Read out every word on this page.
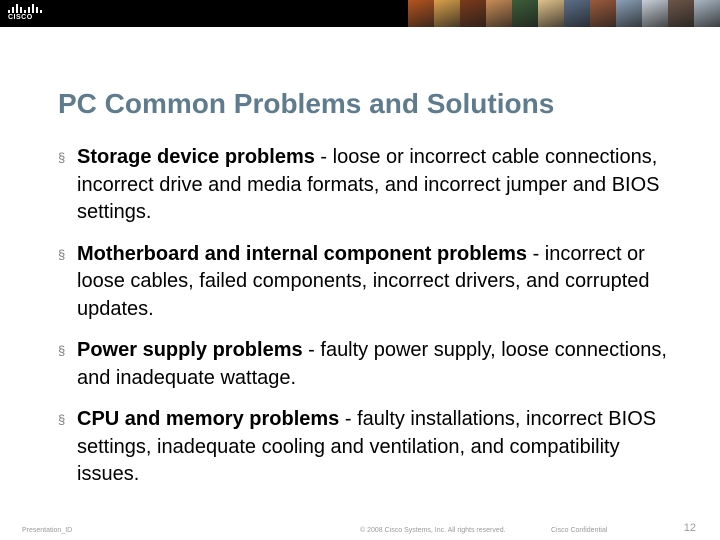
CISCO
PC Common Problems and Solutions
§ Storage device problems - loose or incorrect cable connections, incorrect drive and media formats, and incorrect jumper and BIOS settings.
§ Motherboard and internal component problems - incorrect or loose cables, failed components, incorrect drivers, and corrupted updates.
§ Power supply problems - faulty power supply, loose connections, and inadequate wattage.
§ CPU and memory problems - faulty installations, incorrect BIOS settings, inadequate cooling and ventilation, and compatibility issues.
Presentation_ID	© 2008 Cisco Systems, Inc. All rights reserved.	Cisco Confidential	12
